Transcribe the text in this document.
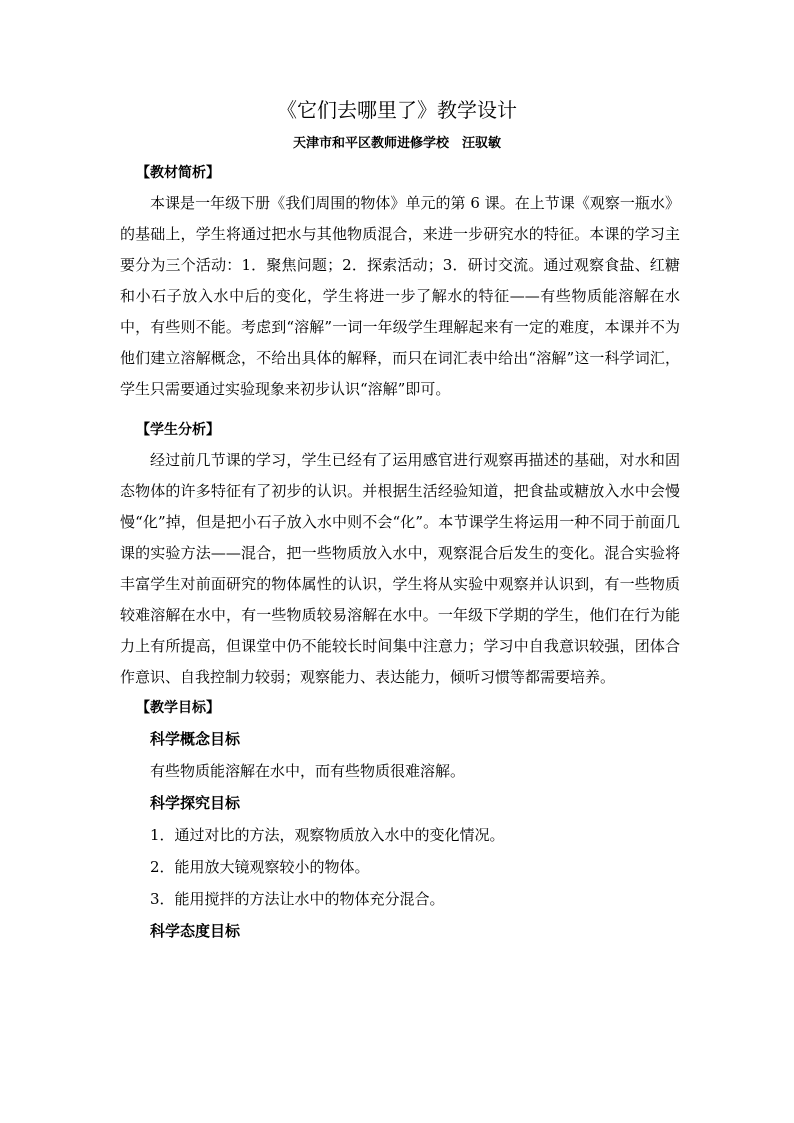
《它们去哪里了》教学设计
天津市和平区教师进修学校　汪驭敏
【教材简析】

本课是一年级下册《我们周围的物体》单元的第 6 课。在上节课《观察一瓶水》的基础上，学生将通过把水与其他物质混合，来进一步研究水的特征。本课的学习主要分为三个活动：1．聚焦问题；2．探索活动；3．研讨交流。通过观察食盐、红糖和小石子放入水中后的变化，学生将进一步了解水的特征——有些物质能溶解在水中，有些则不能。考虑到“溶解”一词一年级学生理解起来有一定的难度，本课并不为他们建立溶解概念，不给出具体的解释，而只在词汇表中给出“溶解”这一科学词汇，学生只需要通过实验现象来初步认识“溶解”即可。

【学生分析】

经过前几节课的学习，学生已经有了运用感官进行观察再描述的基础，对水和固态物体的许多特征有了初步的认识。并根据生活经验知道，把食盐或糖放入水中会慢慢“化”掉，但是把小石子放入水中则不会“化”。本节课学生将运用一种不同于前面几课的实验方法——混合，把一些物质放入水中，观察混合后发生的变化。混合实验将丰富学生对前面研究的物体属性的认识，学生将从实验中观察并认识到，有一些物质较难溶解在水中，有一些物质较易溶解在水中。一年级下学期的学生，他们在行为能力上有所提高，但课堂中仍不能较长时间集中注意力；学习中自我意识较强，团体合作意识、自我控制力较弱；观察能力、表达能力，倾听习惯等都需要培养。

【教学目标】
科学概念目标
有些物质能溶解在水中，而有些物质很难溶解。
科学探究目标
1．通过对比的方法，观察物质放入水中的变化情况。
2．能用放大镜观察较小的物体。
3．能用搅拌的方法让水中的物体充分混合。
科学态度目标
